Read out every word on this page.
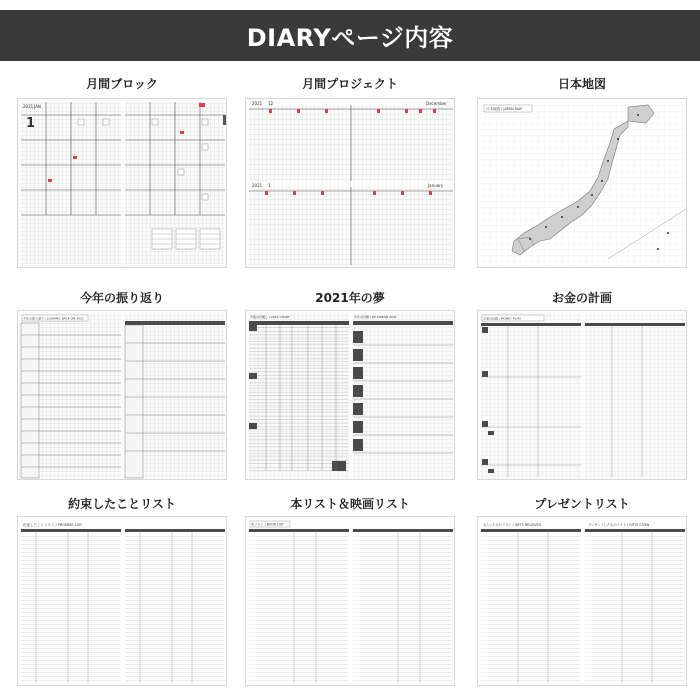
DIARYページ内容
月間ブロック	月間プロジェクト	日本地図
今年の振り返り	2021年の夢	お金の計画
約束したことリスト	本リスト＆映画リスト	プレゼントリスト
2021 JAN
1
2021 12	December
2021 1	January
日本地図 / JAPAN MAP
今年の振り返り / LOOKING BACK ON 2021	今後の見通し / 2021 CHART	今年の目標 / MY DREAM 2021	お金の計画 / MONEY PLAN
約束したことリスト / PROMISE LIST	本リスト / BOOK LIST	もらったものリスト / GIFTS RECEIVED	プレゼントしたものリスト / GIFTS GIVEN
